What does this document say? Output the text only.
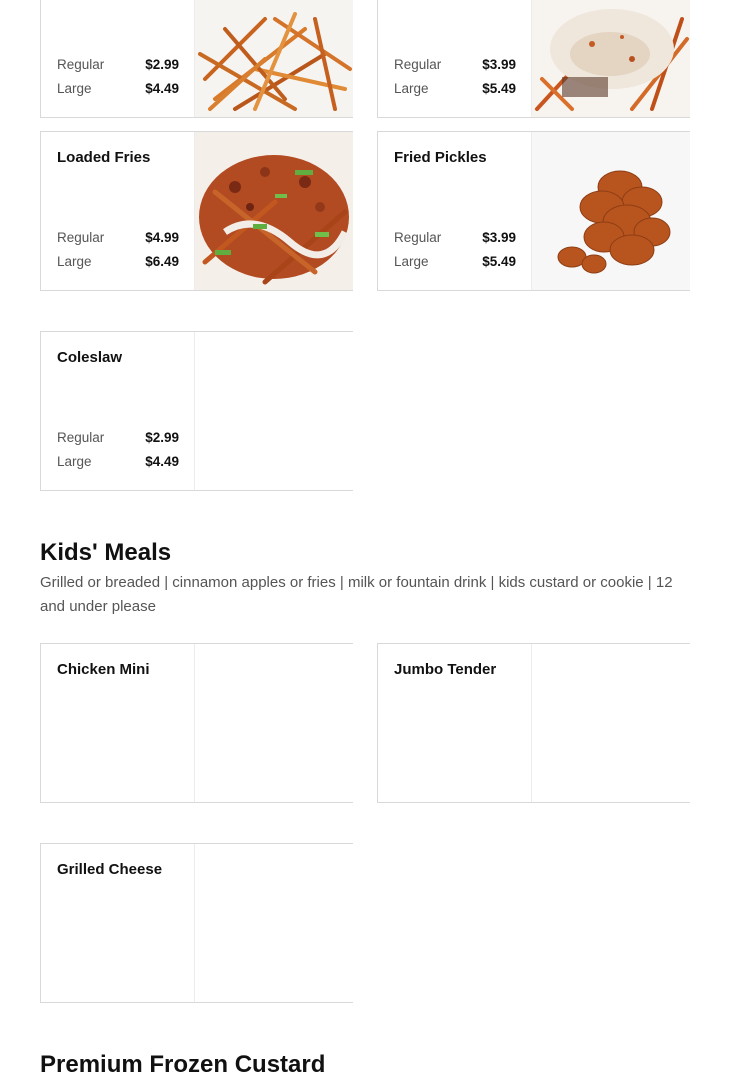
Regular	$2.99
Large	$4.49
Regular	$3.99
Large	$5.49
Loaded Fries
Regular	$4.99
Large	$6.49
Fried Pickles
Regular	$3.99
Large	$5.49
Coleslaw
Regular	$2.99
Large	$4.49
Kids' Meals
Grilled or breaded | cinnamon apples or fries | milk or fountain drink | kids custard or cookie | 12 and under please
Chicken Mini	Jumbo Tender
Grilled Cheese
Premium Frozen Custard
